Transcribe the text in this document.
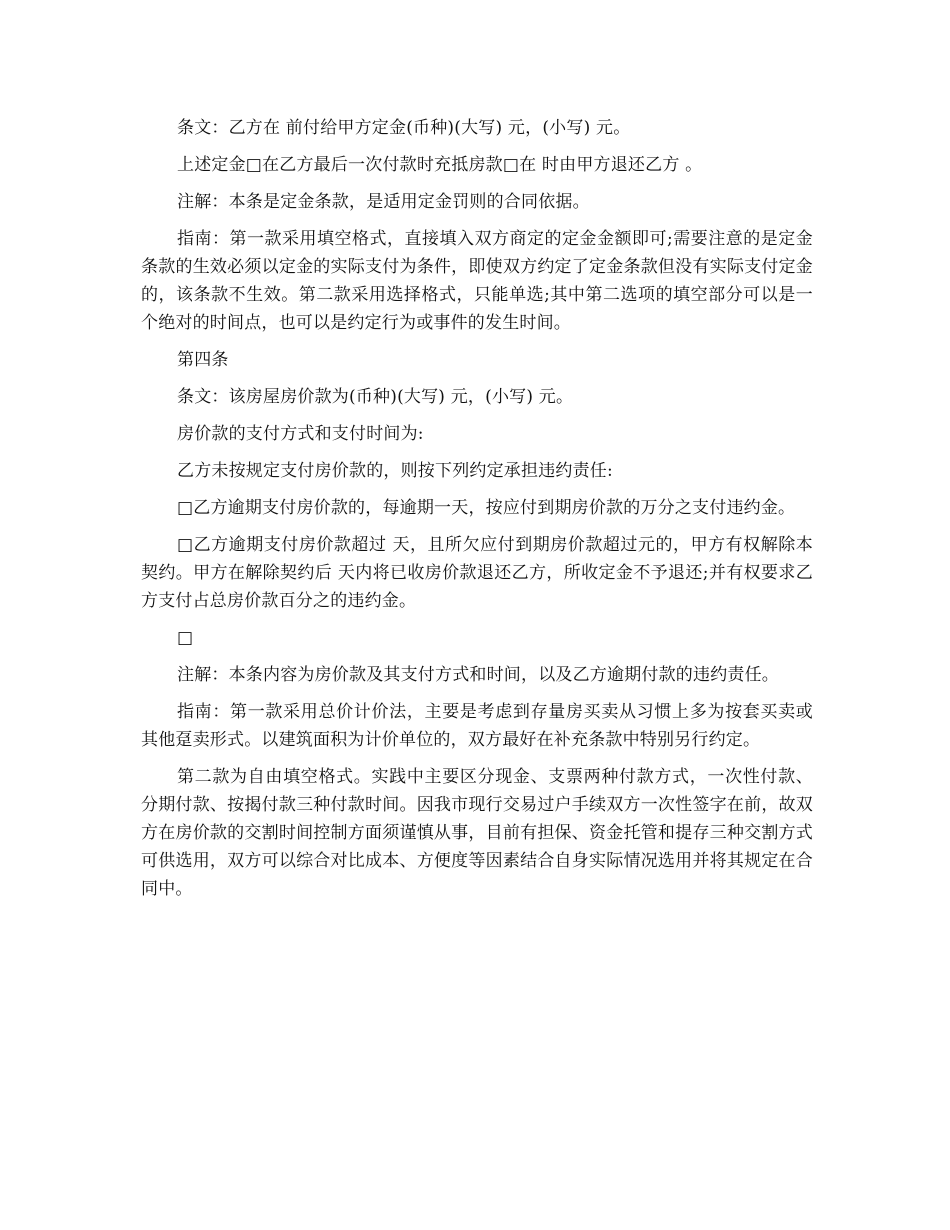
条文：乙方在 前付给甲方定金(币种)(大写) 元，(小写) 元。

上述定金□在乙方最后一次付款时充抵房款□在 时由甲方退还乙方 。

注解：本条是定金条款，是适用定金罚则的合同依据。

指南：第一款采用填空格式，直接填入双方商定的定金金额即可;需要注意的是定金条款的生效必须以定金的实际支付为条件，即使双方约定了定金条款但没有实际支付定金的，该条款不生效。第二款采用选择格式，只能单选;其中第二选项的填空部分可以是一个绝对的时间点，也可以是约定行为或事件的发生时间。

第四条

条文：该房屋房价款为(币种)(大写) 元，(小写) 元。

房价款的支付方式和支付时间为:

乙方未按规定支付房价款的，则按下列约定承担违约责任:

□乙方逾期支付房价款的，每逾期一天，按应付到期房价款的万分之支付违约金。

□乙方逾期支付房价款超过 天，且所欠应付到期房价款超过元的，甲方有权解除本契约。甲方在解除契约后 天内将已收房价款退还乙方，所收定金不予退还;并有权要求乙方支付占总房价款百分之的违约金。

□

注解：本条内容为房价款及其支付方式和时间，以及乙方逾期付款的违约责任。

指南：第一款采用总价计价法，主要是考虑到存量房买卖从习惯上多为按套买卖或其他趸卖形式。以建筑面积为计价单位的，双方最好在补充条款中特别另行约定。

第二款为自由填空格式。实践中主要区分现金、支票两种付款方式，一次性付款、分期付款、按揭付款三种付款时间。因我市现行交易过户手续双方一次性签字在前，故双方在房价款的交割时间控制方面须谨慎从事，目前有担保、资金托管和提存三种交割方式可供选用，双方可以综合对比成本、方便度等因素结合自身实际情况选用并将其规定在合同中。
